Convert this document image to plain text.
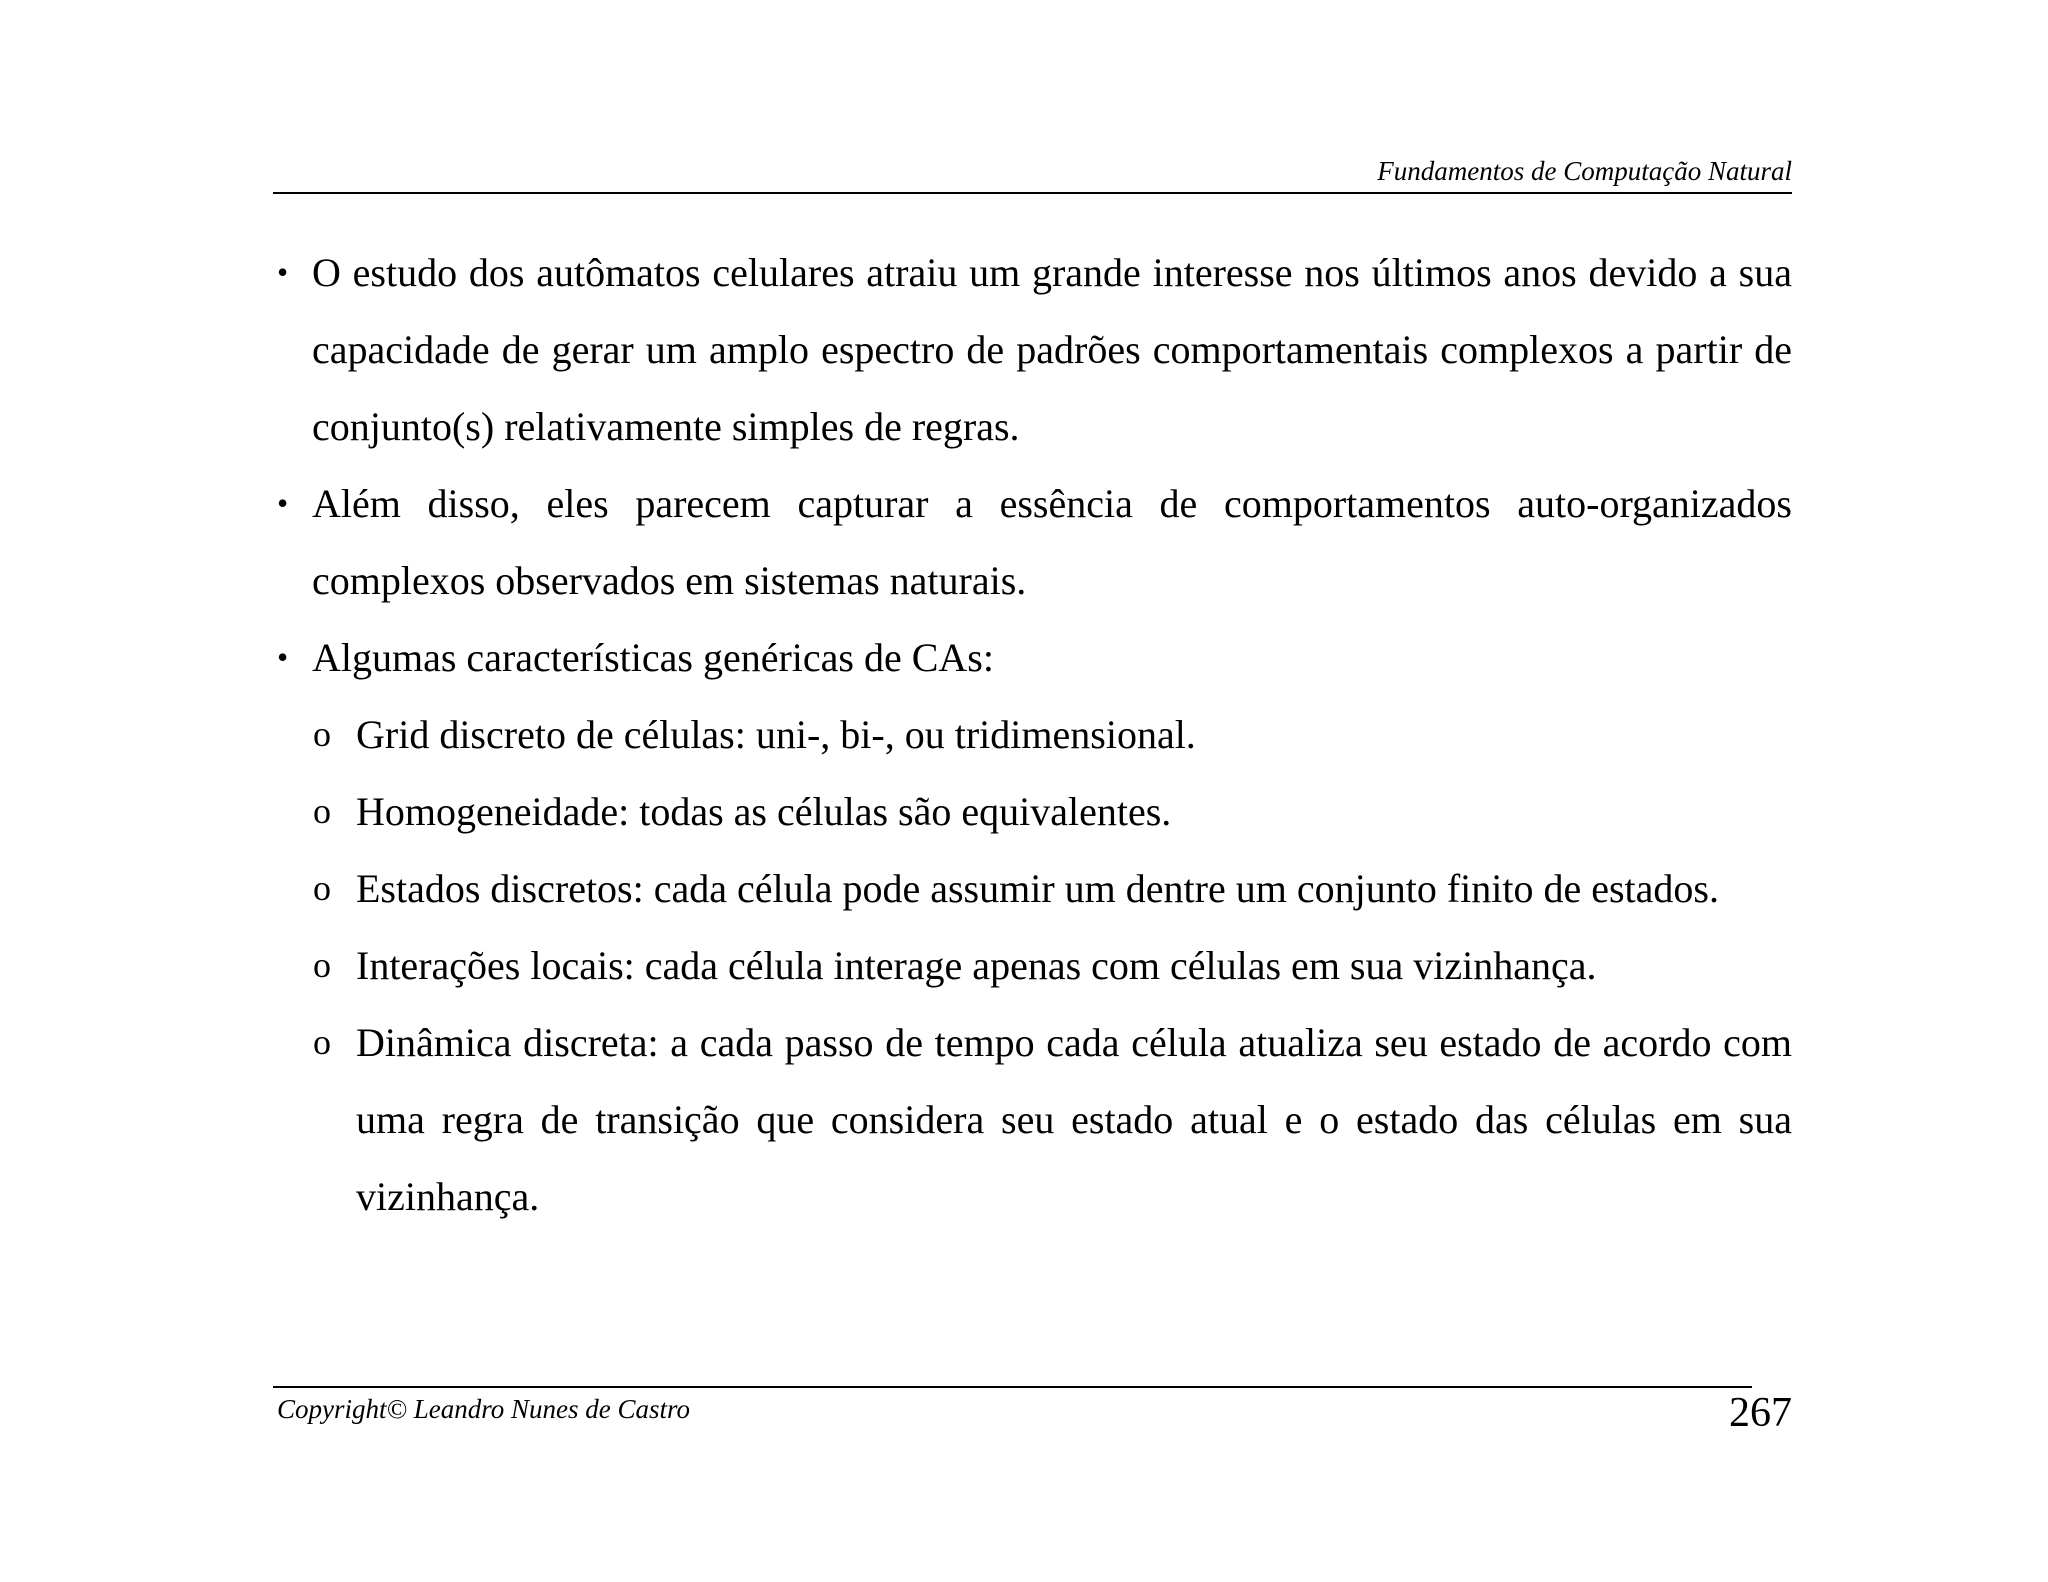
Fundamentos de Computação Natural
• O estudo dos autômatos celulares atraiu um grande interesse nos últimos anos devido a sua capacidade de gerar um amplo espectro de padrões comportamentais complexos a partir de conjunto(s) relativamente simples de regras.
• Além disso, eles parecem capturar a essência de comportamentos auto-organizados complexos observados em sistemas naturais.
• Algumas características genéricas de CAs:
o Grid discreto de células: uni-, bi-, ou tridimensional.
o Homogeneidade: todas as células são equivalentes.
o Estados discretos: cada célula pode assumir um dentre um conjunto finito de estados.
o Interações locais: cada célula interage apenas com células em sua vizinhança.
o Dinâmica discreta: a cada passo de tempo cada célula atualiza seu estado de acordo com uma regra de transição que considera seu estado atual e o estado das células em sua vizinhança.
Copyright© Leandro Nunes de Castro	267
